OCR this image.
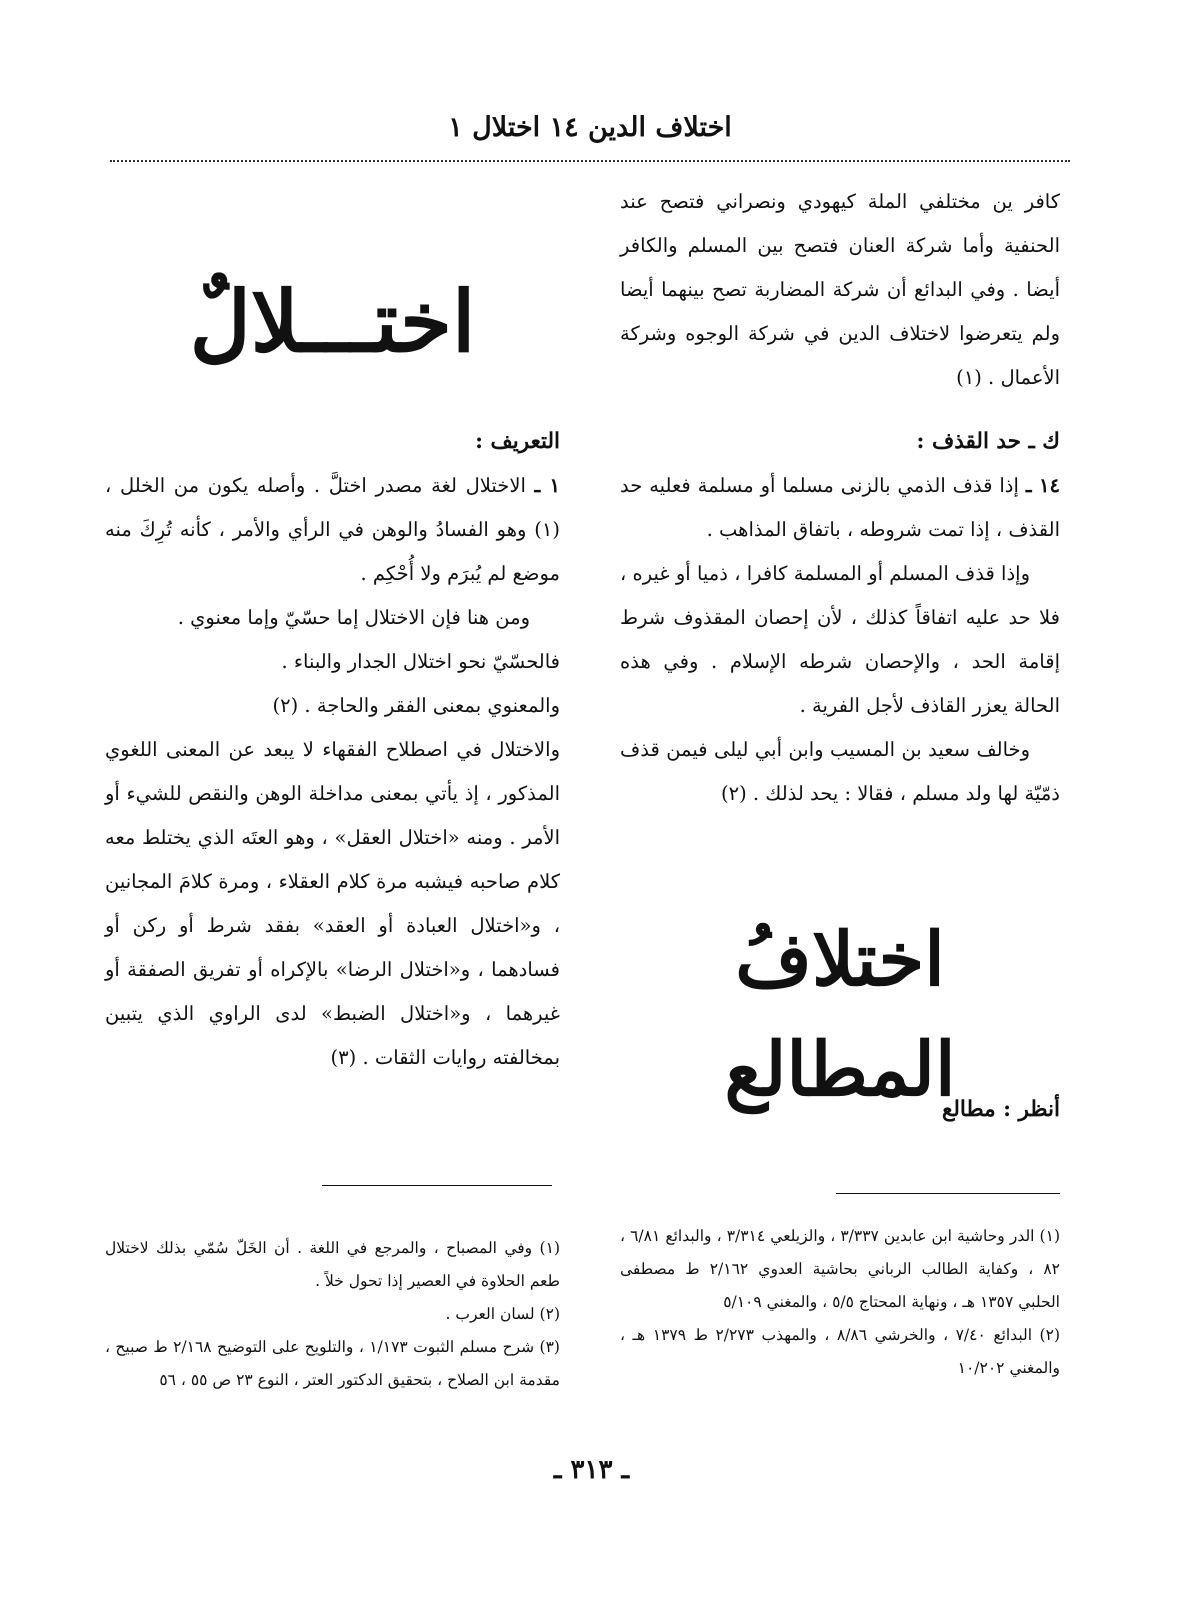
اختلاف الدين ١٤ اختلال ١

كافر ين مختلفي الملة كيهودي ونصراني فتصح عند الحنفية وأما شركة العنان فتصح بين المسلم والكافر أيضا . وفي البدائع أن شركة المضاربة تصح بينهما أيضا ولم يتعرضوا لاختلاف الدين في شركة الوجوه وشركة الأعمال . (١)

ك ـ حد القذف :

١٤ ـ إذا قذف الذمي بالزنى مسلما أو مسلمة فعليه حد القذف ، إذا تمت شروطه ، باتفاق المذاهب .

وإذا قذف المسلم أو المسلمة كافرا ، ذميا أو غيره ، فلا حد عليه اتفاقاً كذلك ، لأن إحصان المقذوف شرط إقامة الحد ، والإحصان شرطه الإسلام . وفي هذه الحالة يعزر القاذف لأجل الفرية .

وخالف سعيد بن المسيب وابن أبي ليلى فيمن قذف ذمّيّة لها ولد مسلم ، فقالا : يحد لذلك . (٢)

اختلافُ المطالع

أنظر : مطالع

اختـــلالٌ

التعريف :

١ ـ الاختلال لغة مصدر اختلَّ . وأصله يكون من الخلل ، (١) وهو الفسادُ والوهن في الرأي والأمر ، كأنه تُرِكَ منه موضع لم يُبرَم ولا أُحْكِم .

ومن هنا فإن الاختلال إما حسّيّ وإما معنوي .

فالحسّيّ نحو اختلال الجدار والبناء .

والمعنوي بمعنى الفقر والحاجة . (٢)

والاختلال في اصطلاح الفقهاء لا يبعد عن المعنى اللغوي المذكور ، إذ يأتي بمعنى مداخلة الوهن والنقص للشيء أو الأمر . ومنه «اختلال العقل» ، وهو العتَه الذي يختلط معه كلام صاحبه فيشبه مرة كلام العقلاء ، ومرة كلامَ المجانين ، و«اختلال العبادة أو العقد» بفقد شرط أو ركن أو فسادهما ، و«اختلال الرضا» بالإكراه أو تفريق الصفقة أو غيرهما ، و«اختلال الضبط» لدى الراوي الذي يتبين بمخالفته روايات الثقات . (٣)

(١) الدر وحاشية ابن عابدين ٣/٣٣٧ ، والزيلعي ٣/٣١٤ ، والبدائع ٦/٨١ ، ٨٢ ، وكفاية الطالب الرباني بحاشية العدوي ٢/١٦٢ ط مصطفى الحلبي ١٣٥٧ هـ ، ونهاية المحتاج ٥/٥ ، والمغني ٥/١٠٩

(٢) البدائع ٧/٤٠ ، والخرشي ٨/٨٦ ، والمهذب ٢/٢٧٣ ط ١٣٧٩ هـ ، والمغني ١٠/٢٠٢

(١) وفي المصباح ، والمرجع في اللغة . أن الخَلّ سُمّي بذلك لاختلال طعم الحلاوة في العصير إذا تحول خلاً .

(٢) لسان العرب .

(٣) شرح مسلم الثبوت ١/١٧٣ ، والتلويح على التوضيح ٢/١٦٨ ط صبيح ، مقدمة ابن الصلاح ، بتحقيق الدكتور العتر ، النوع ٢٣ ص ٥٥ ، ٥٦

ـ ٣١٣ ـ
